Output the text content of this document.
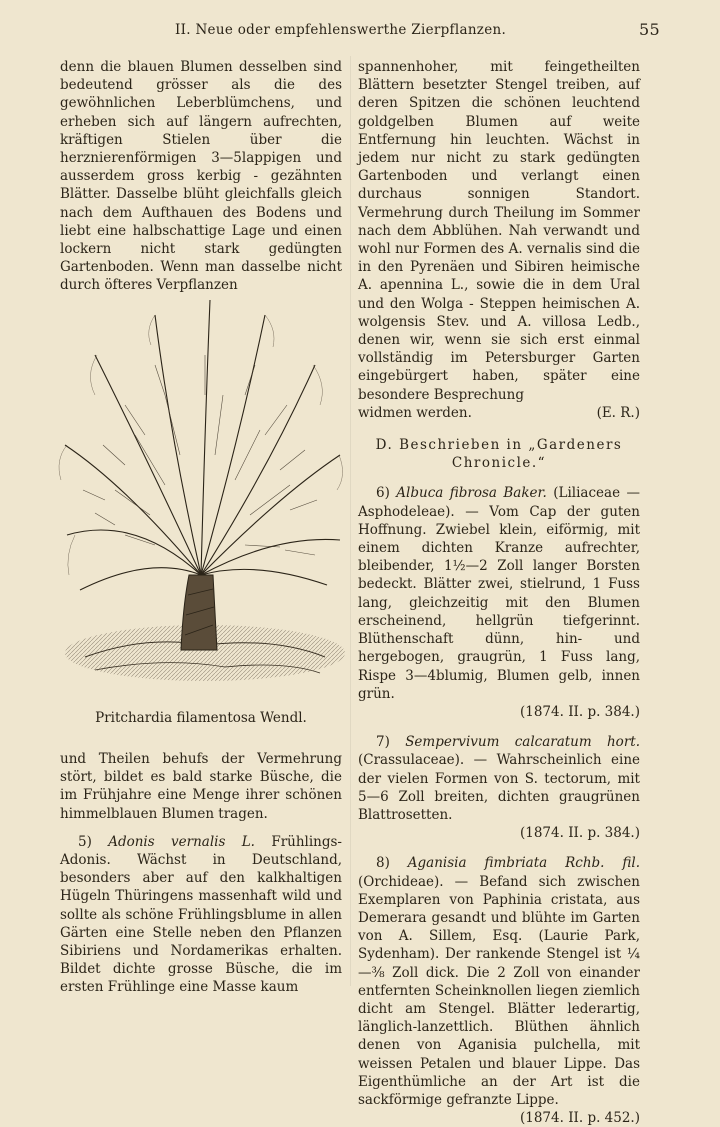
II. Neue oder empfehlenswerthe Zierpflanzen.	55

denn die blauen Blumen desselben sind bedeutend grösser als die des gewöhnlichen Leberblümchens, und erheben sich auf längern aufrechten, kräftigen Stielen über die herznierenförmigen 3—5lappigen und ausserdem gross kerbig - gezähnten Blätter. Dasselbe blüht gleichfalls gleich nach dem Aufthauen des Bodens und liebt eine halbschattige Lage und einen lockern nicht stark gedüngten Gartenboden. Wenn man dasselbe nicht durch öfteres Verpflanzen

Pritchardia filamentosa Wendl.

und Theilen behufs der Vermehrung stört, bildet es bald starke Büsche, die im Frühjahre eine Menge ihrer schönen himmelblauen Blumen tragen.

5) Adonis vernalis L. Frühlings-Adonis. Wächst in Deutschland, besonders aber auf den kalkhaltigen Hügeln Thüringens massenhaft wild und sollte als schöne Frühlingsblume in allen Gärten eine Stelle neben den Pflanzen Sibiriens und Nordamerikas erhalten. Bildet dichte grosse Büsche, die im ersten Frühlinge eine Masse kaum

spannenhoher, mit feingetheilten Blättern besetzter Stengel treiben, auf deren Spitzen die schönen leuchtend goldgelben Blumen auf weite Entfernung hin leuchten. Wächst in jedem nur nicht zu stark gedüngten Gartenboden und verlangt einen durchaus sonnigen Standort. Vermehrung durch Theilung im Sommer nach dem Abblühen. Nah verwandt und wohl nur Formen des A. vernalis sind die in den Pyrenäen und Sibiren heimische A. apennina L., sowie die in dem Ural und den Wolga - Steppen heimischen A. wolgensis Stev. und A. villosa Ledb., denen wir, wenn sie sich erst einmal vollständig im Petersburger Garten eingebürgert haben, später eine besondere Besprechung

widmen werden.	(E. R.)

D. Beschrieben in „Gardeners Chronicle.“

6) Albuca fibrosa Baker. (Liliaceae — Asphodeleae). — Vom Cap der guten Hoffnung. Zwiebel klein, eiförmig, mit einem dichten Kranze aufrechter, bleibender, 1½—2 Zoll langer Borsten bedeckt. Blätter zwei, stielrund, 1 Fuss lang, gleichzeitig mit den Blumen erscheinend, hellgrün tiefgerinnt. Blüthenschaft dünn, hin- und hergebogen, graugrün, 1 Fuss lang, Rispe 3—4blumig, Blumen gelb, innen grün.

(1874. II. p. 384.)

7) Sempervivum calcaratum hort. (Crassulaceae). — Wahrscheinlich eine der vielen Formen von S. tectorum, mit 5—6 Zoll breiten, dichten graugrünen Blattrosetten.

(1874. II. p. 384.)

8) Aganisia fimbriata Rchb. fil. (Orchideae). — Befand sich zwischen Exemplaren von Paphinia cristata, aus Demerara gesandt und blühte im Garten von A. Sillem, Esq. (Laurie Park, Sydenham). Der rankende Stengel ist ¼—⅜ Zoll dick. Die 2 Zoll von einander entfernten Scheinknollen liegen ziemlich dicht am Stengel. Blätter lederartig, länglich-lanzettlich. Blüthen ähnlich denen von Aganisia pulchella, mit weissen Petalen und blauer Lippe. Das Eigenthümliche an der Art ist die sackförmige gefranzte Lippe.

(1874. II. p. 452.)
